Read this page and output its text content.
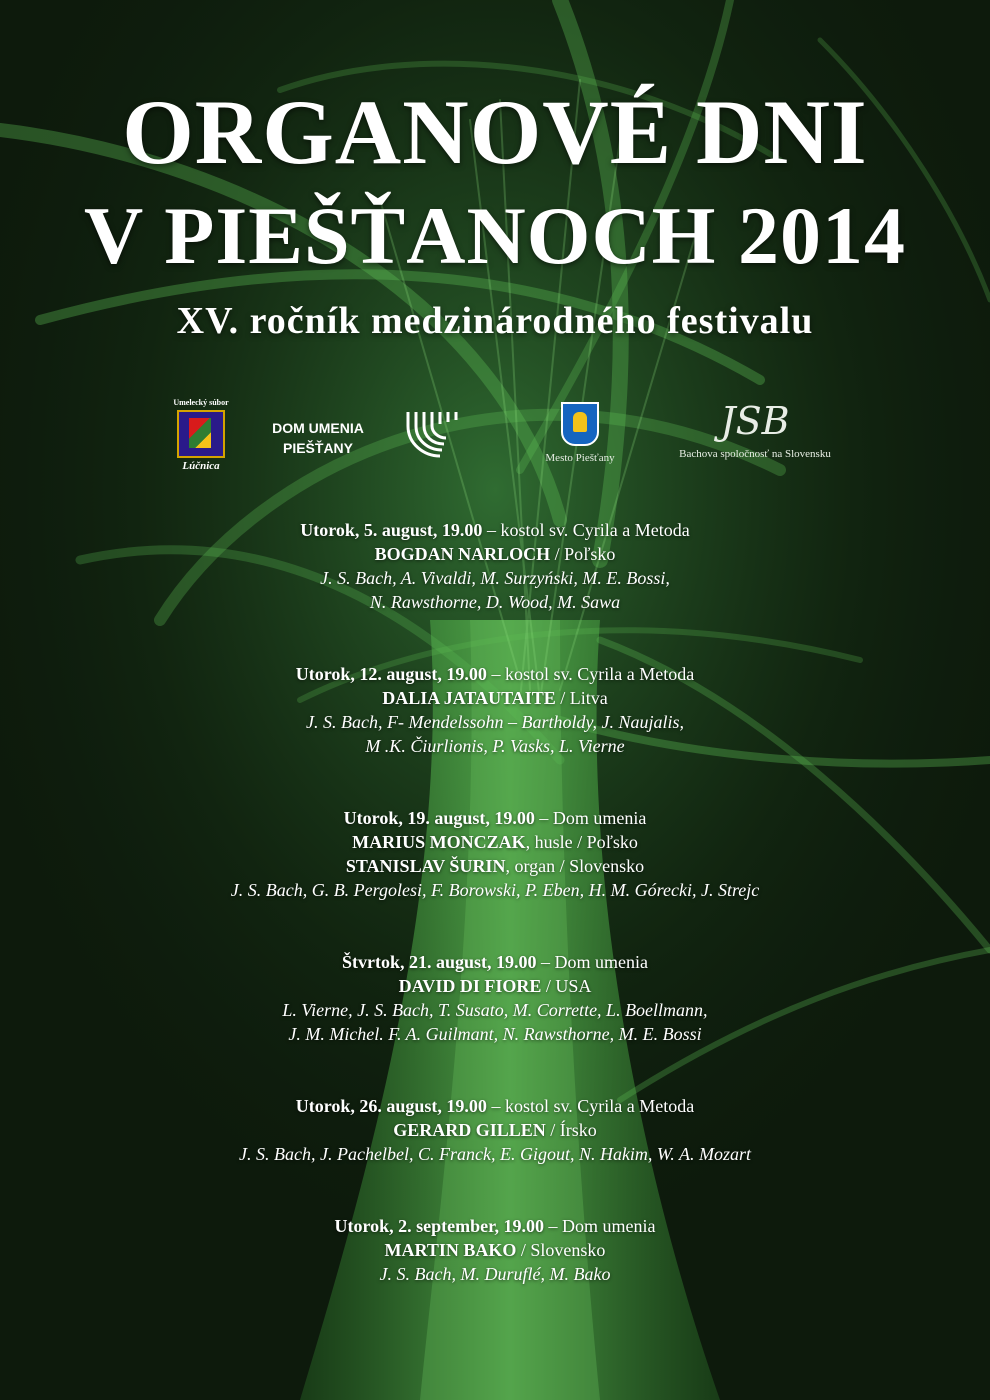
ORGANOVÉ DNI
V PIEŠŤANOCH 2014
XV. ročník medzinárodného festivalu
Umelecký súbor
Lúčnica
DOM UMENIA
PIEŠŤANY
Mesto Piešťany
JSB
Bachova spoločnosť na Slovensku
Utorok, 5. august, 19.00 – kostol sv. Cyrila a Metoda
BOGDAN NARLOCH / Poľsko
J. S. Bach, A. Vivaldi, M. Surzyński, M. E. Bossi,
N. Rawsthorne, D. Wood, M. Sawa
Utorok, 12. august, 19.00 – kostol sv. Cyrila a Metoda
DALIA JATAUTAITE / Litva
J. S. Bach, F- Mendelssohn – Bartholdy, J. Naujalis,
M .K. Čiurlionis, P. Vasks, L. Vierne
Utorok, 19. august, 19.00 – Dom umenia
MARIUS MONCZAK, husle / Poľsko
STANISLAV ŠURIN, organ / Slovensko
J. S. Bach, G. B. Pergolesi, F. Borowski, P. Eben, H. M. Górecki, J. Strejc
Štvrtok, 21. august, 19.00 – Dom umenia
DAVID DI FIORE / USA
L. Vierne, J. S. Bach, T. Susato, M. Corrette, L. Boellmann,
J. M. Michel. F. A. Guilmant, N. Rawsthorne, M. E. Bossi
Utorok, 26. august, 19.00 – kostol sv. Cyrila a Metoda
GERARD GILLEN / Írsko
J. S. Bach, J. Pachelbel, C. Franck, E. Gigout, N. Hakim, W. A. Mozart
Utorok, 2. september, 19.00 – Dom umenia
MARTIN BAKO / Slovensko
J. S. Bach, M. Duruflé, M. Bako
